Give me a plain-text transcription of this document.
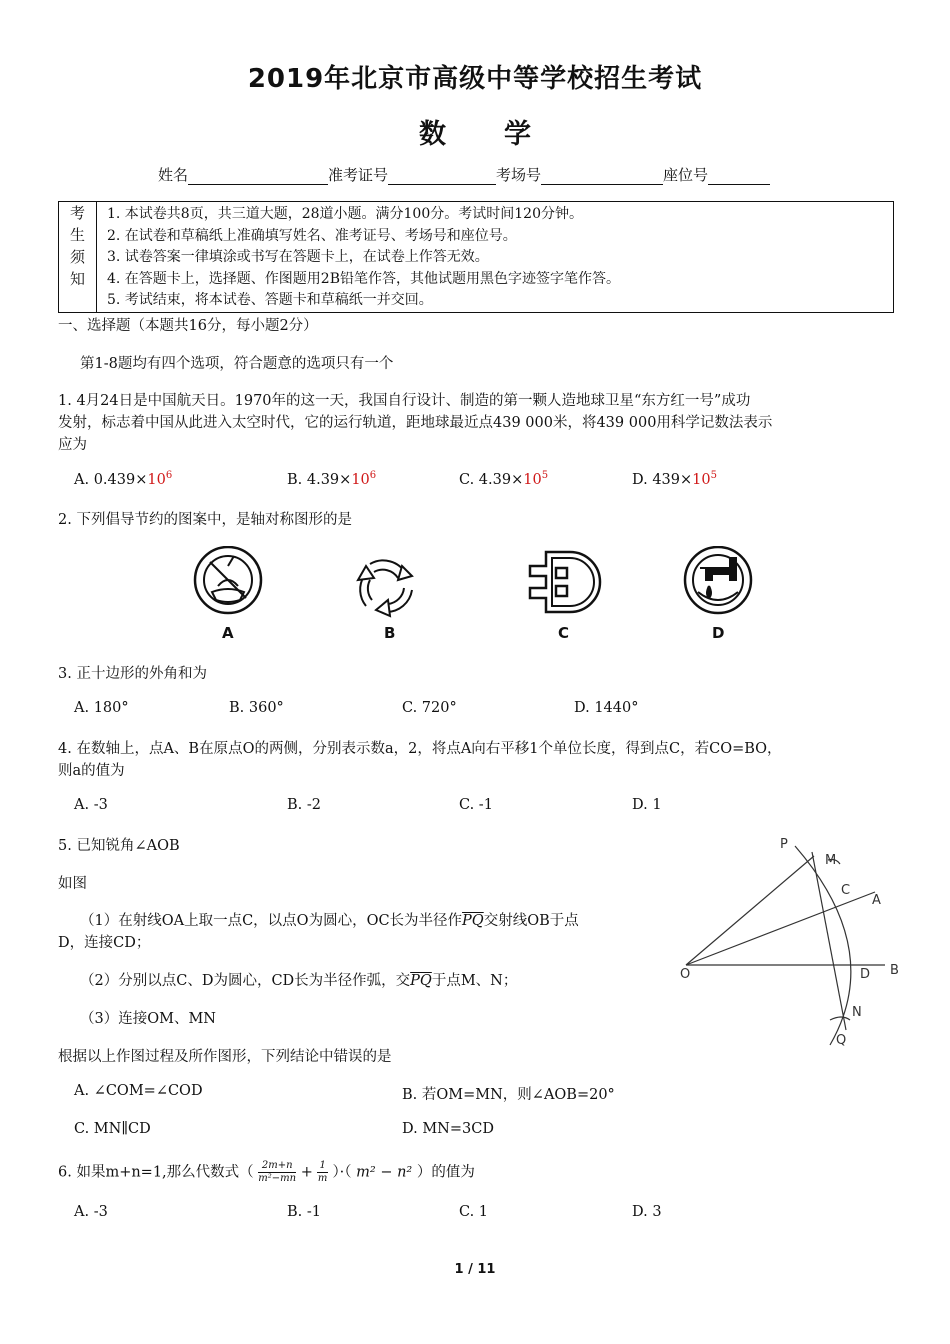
2019年北京市高级中等学校招生考试
数学
姓名	准考证号	考场号	座位号
考
生
须
知
1. 本试卷共8页，共三道大题，28道小题。满分100分。考试时间120分钟。
2. 在试卷和草稿纸上准确填写姓名、准考证号、考场号和座位号。
3. 试卷答案一律填涂或书写在答题卡上，在试卷上作答无效。
4. 在答题卡上，选择题、作图题用2B铅笔作答，其他试题用黑色字迹签字笔作答。
5. 考试结束，将本试卷、答题卡和草稿纸一并交回。
一、选择题（本题共16分，每小题2分）
第1-8题均有四个选项，符合题意的选项只有一个
1. 4月24日是中国航天日。1970年的这一天，我国自行设计、制造的第一颗人造地球卫星“东方红一号”成功
发射，标志着中国从此进入太空时代，它的运行轨道，距地球最近点439 000米，将439 000用科学记数法表示
应为
A. $0.439\times 10^6$	B. $4.39\times 10^6$	C. $4.39\times 10^5$	D. $439\times 10^5$
2. 下列倡导节约的图案中，是轴对称图形的是
A	B	C	D
3. 正十边形的外角和为
A. 180°	B. 360°	C. 720°	D. 1440°
4. 在数轴上，点A、B在原点O的两侧，分别表示数a，2，将点A向右平移1个单位长度，得到点C，若CO=BO，
则a的值为
A. -3	B. -2	C. -1	D. 1
5. 已知锐角∠AOB
如图
（1）在射线OA上取一点C，以点O为圆心，OC长为半径作$\overline{PQ}$交射线OB于点
D，连接CD；
（2）分别以点C、D为圆心，CD长为半径作弧，交$\overline{PQ}$于点M、N；
（3）连接OM、MN
根据以上作图过程及所作图形，下列结论中错误的是
A. ∠COM=∠COD	B. 若OM=MN，则∠AOB=20°
C. MN∥CD	D. MN=3CD
P
M
C
A
O	D B
N
Q
6. 如果m+n=1,那么代数式（ $\frac{2m+n}{\text{m²−mn}} + \frac{1}{m}$ ）·（ m² − n² ）的值为
A. -3	B. -1	C. 1	D. 3
1 / 11
